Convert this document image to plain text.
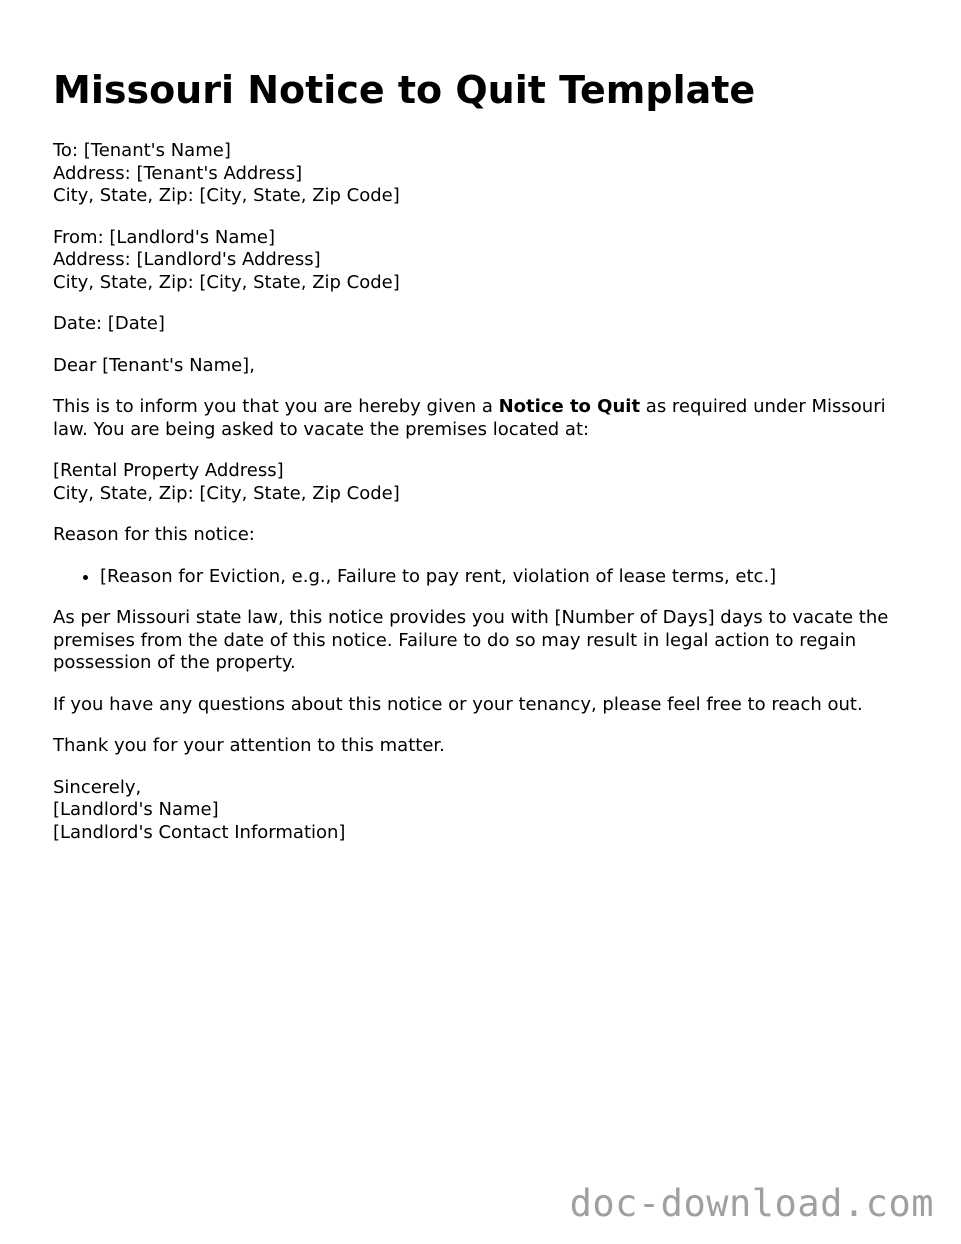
Missouri Notice to Quit Template

To: [Tenant's Name]
Address: [Tenant's Address]
City, State, Zip: [City, State, Zip Code]

From: [Landlord's Name]
Address: [Landlord's Address]
City, State, Zip: [City, State, Zip Code]

Date: [Date]

Dear [Tenant's Name],

This is to inform you that you are hereby given a Notice to Quit as required under Missouri law. You are being asked to vacate the premises located at:

[Rental Property Address]
City, State, Zip: [City, State, Zip Code]

Reason for this notice:

• [Reason for Eviction, e.g., Failure to pay rent, violation of lease terms, etc.]

As per Missouri state law, this notice provides you with [Number of Days] days to vacate the premises from the date of this notice. Failure to do so may result in legal action to regain possession of the property.

If you have any questions about this notice or your tenancy, please feel free to reach out.

Thank you for your attention to this matter.

Sincerely,
[Landlord's Name]
[Landlord's Contact Information]

doc-download.com
